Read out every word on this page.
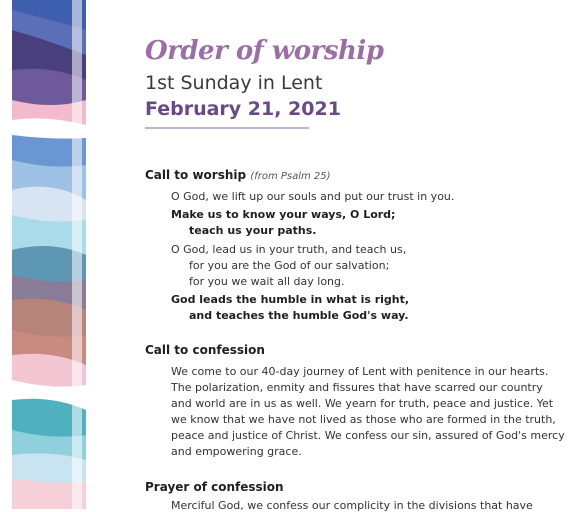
Order of worship
1st Sunday in Lent
February 21, 2021
Call to worship (from Psalm 25)
O God, we lift up our souls and put our trust in you.
Make us to know your ways, O Lord;
teach us your paths.
O God, lead us in your truth, and teach us,
for you are the God of our salvation;
for you we wait all day long.
God leads the humble in what is right,
and teaches the humble God's way.
Call to confession
We come to our 40-day journey of Lent with penitence in our hearts.
The polarization, enmity and fissures that have scarred our country
and world are in us as well. We yearn for truth, peace and justice. Yet
we know that we have not lived as those who are formed in the truth,
peace and justice of Christ. We confess our sin, assured of God's mercy
and empowering grace.
Prayer of confession
Merciful God, we confess our complicity in the divisions that have
